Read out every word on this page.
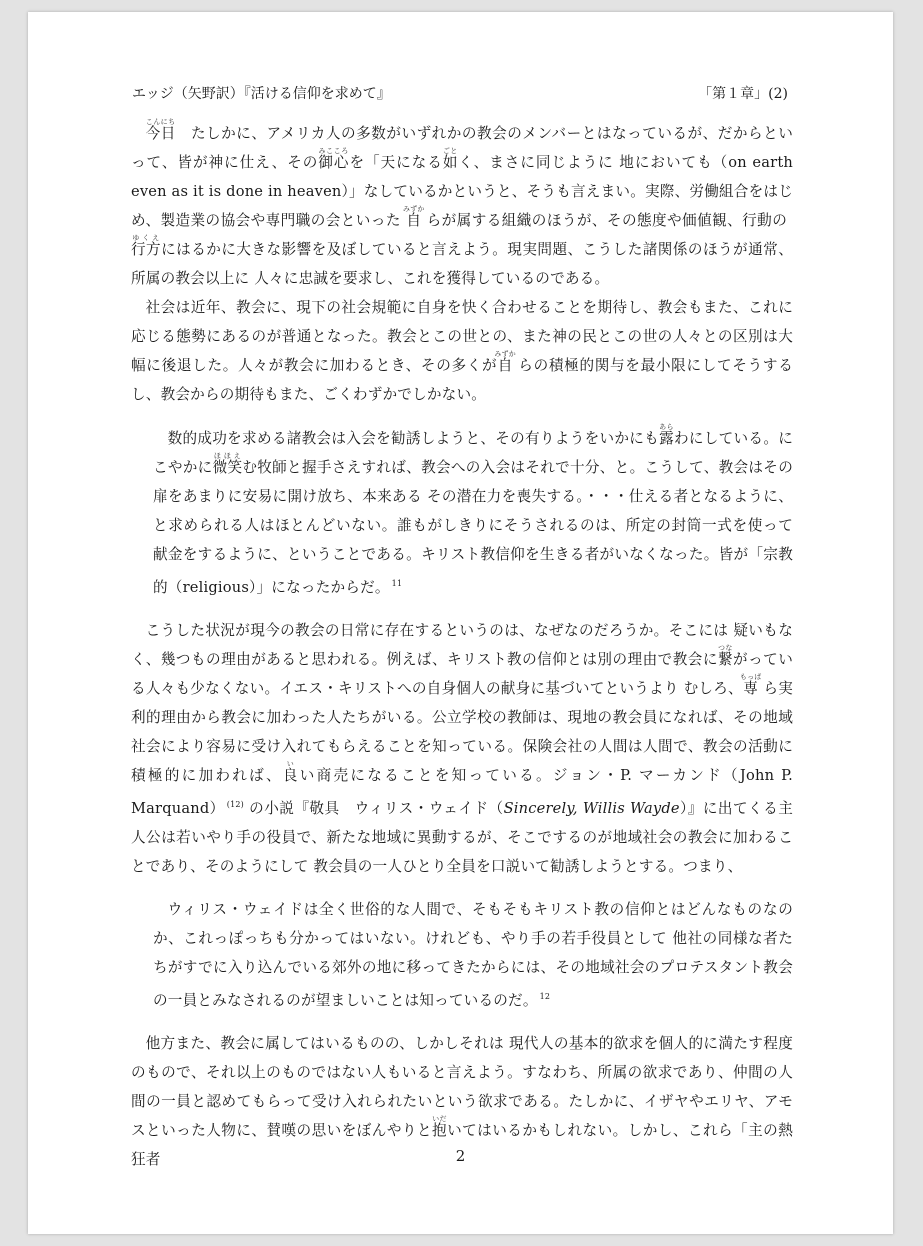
エッジ（矢野訳）『活ける信仰を求めて』	「第１章」(2)

今日こんにち　たしかに、アメリカ人の多数がいずれかの教会のメンバーとはなっているが、だからといって、皆が神に仕え、その御心みこころを「天になる如ごとく、まさに同じように 地においても（on earth even as it is done in heaven）」なしているかというと、そうも言えまい。実際、労働組合をはじめ、製造業の協会や専門職の会といった 自みずか らが属する組織のほうが、その態度や価値観、行動の行方ゆくえにはるかに大きな影響を及ぼしていると言えよう。現実問題、こうした諸関係のほうが通常、所属の教会以上に 人々に忠誠を要求し、これを獲得しているのである。

社会は近年、教会に、現下の社会規範に自身を快く合わせることを期待し、教会もまた、これに応じる態勢にあるのが普通となった。教会とこの世との、また神の民とこの世の人々との区別は大幅に後退した。人々が教会に加わるとき、その多くが自みずか らの積極的関与を最小限にしてそうするし、教会からの期待もまた、ごくわずかでしかない。

数的成功を求める諸教会は入会を勧誘しようと、その有りようをいかにも露あらわにしている。にこやかに微笑ほほえむ牧師と握手さえすれば、教会への入会はそれで十分、と。こうして、教会はその扉をあまりに安易に開け放ち、本来ある その潜在力を喪失する。・・・仕える者となるように、と求められる人はほとんどいない。誰もがしきりにそうされるのは、所定の封筒一式を使って 献金をするように、ということである。キリスト教信仰を生きる者がいなくなった。皆が「宗教的（religious）」になったからだ。 $^{11}$

こうした状況が現今の教会の日常に存在するというのは、なぜなのだろうか。そこには 疑いもなく、幾つもの理由があると思われる。例えば、キリスト教の信仰とは別の理由で教会に繋つながっている人々も少なくない。イエス・キリストへの自身個人の献身に基づいてというより むしろ、専もっぱ ら実利的理由から教会に加わった人たちがいる。公立学校の教師は、現地の教会員になれば、その地域社会により容易に受け入れてもらえることを知っている。保険会社の人間は人間で、教会の活動に積極的に加われば、良いい商売になることを知っている。ジョン・P. マーカンド（John P. Marquand） $^{(12)}$ の小説『敬具　ウィリス・ウェイド（Sincerely, Willis Wayde）』に出てくる主人公は若いやり手の役員で、新たな地域に異動するが、そこでするのが地域社会の教会に加わることであり、そのようにして 教会員の一人ひとり全員を口説いて勧誘しようとする。つまり、

ウィリス・ウェイドは全く世俗的な人間で、そもそもキリスト教の信仰とはどんなものなのか、これっぽっちも分かってはいない。けれども、やり手の若手役員として 他社の同様な者たちがすでに入り込んでいる郊外の地に移ってきたからには、その地域社会のプロテスタント教会の一員とみなされるのが望ましいことは知っているのだ。 $^{12}$

他方また、教会に属してはいるものの、しかしそれは 現代人の基本的欲求を個人的に満たす程度のもので、それ以上のものではない人もいると言えよう。すなわち、所属の欲求であり、仲間の人間の一員と認めてもらって受け入れられたいという欲求である。たしかに、イザヤやエリヤ、アモスといった人物に、賛嘆の思いをぼんやりと抱いだいてはいるかもしれない。しかし、これら「主の熱狂者	2
